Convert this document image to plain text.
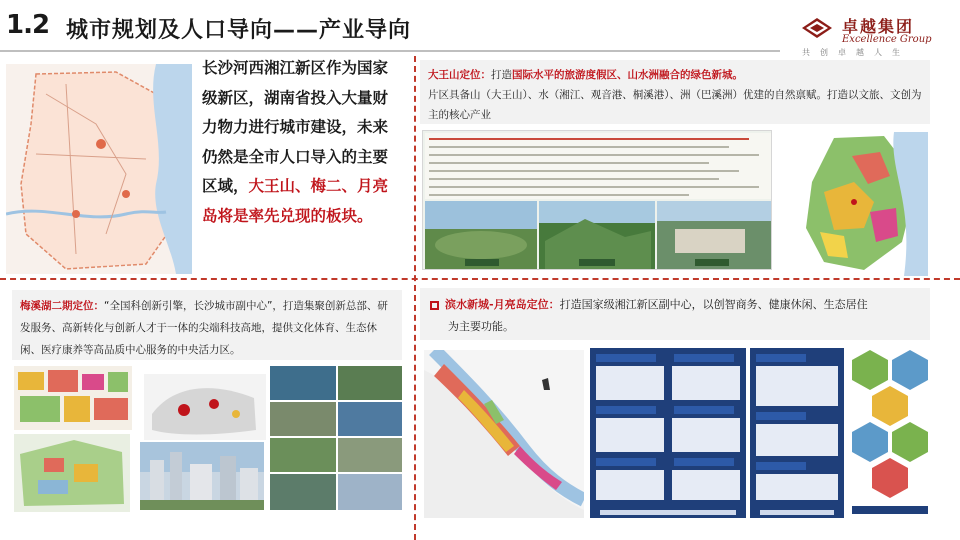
1.2 城市规划及人口导向——产业导向	卓越集团
Excellence Group
共创卓越人生
长沙河西湘江新区作为国家级新区，湖南省投入大量财力物力进行城市建设，未来仍然是全市人口导入的主要区域，大王山、梅二、月亮岛将是率先兑现的板块。
大王山定位：打造国际水平的旅游度假区、山水洲融合的绿色新城。
片区具备山（大王山）、水（湘江、观音港、桐溪港）、洲（巴溪洲）优建的自然禀赋。打造以文旅、文创为主的核心产业
梅溪湖二期定位：“全国科创新引擎，长沙城市副中心”，打造集聚创新总部、研发服务、高新转化与创新人才于一体的尖端科技高地，提供文化体育、生态休闲、医疗康养等高品质中心服务的中央活力区。
滨水新城-月亮岛定位：打造国家级湘江新区副中心，以创智商务、健康休闲、生态居住
为主要功能。
